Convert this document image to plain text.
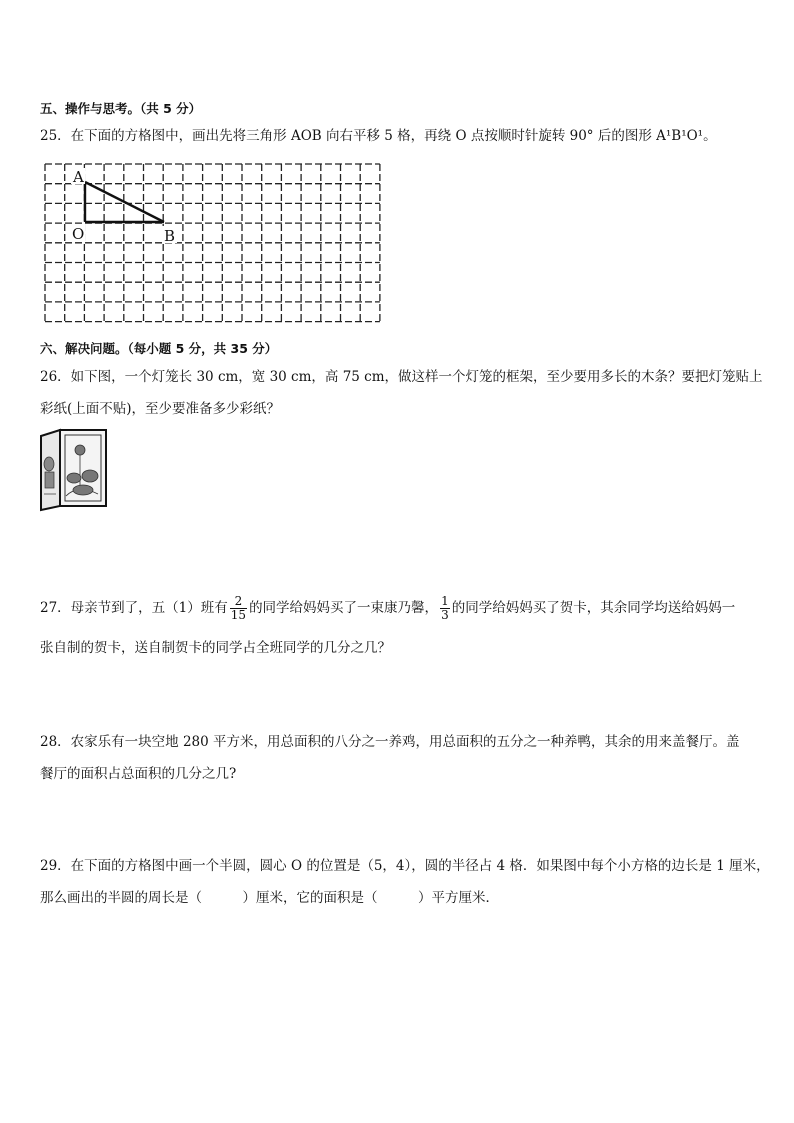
五、操作与思考。（共 5 分）
25．在下面的方格图中，画出先将三角形 AOB 向右平移 5 格，再绕 O 点按顺时针旋转 90° 后的图形 A¹B¹O¹。
A
O	B
六、解决问题。（每小题 5 分，共 35 分）
26．如下图，一个灯笼长 30 cm，宽 30 cm，高 75 cm，做这样一个灯笼的框架，至少要用多长的木条？要把灯笼贴上
彩纸(上面不贴)，至少要准备多少彩纸？
27．母亲节到了，五（1）班有 $\frac{2}{15}$ 的同学给妈妈买了一束康乃馨， $\frac{1}{3}$ 的同学给妈妈买了贺卡，其余同学均送给妈妈一
张自制的贺卡，送自制贺卡的同学占全班同学的几分之几？
28．农家乐有一块空地 280 平方米，用总面积的八分之一养鸡，用总面积的五分之一种养鸭，其余的用来盖餐厅。盖
餐厅的面积占总面积的几分之几?
29．在下面的方格图中画一个半圆，圆心 O 的位置是（5，4），圆的半径占 4 格．如果图中每个小方格的边长是 1 厘米，
那么画出的半圆的周长是（　　　）厘米，它的面积是（　　　）平方厘米．
